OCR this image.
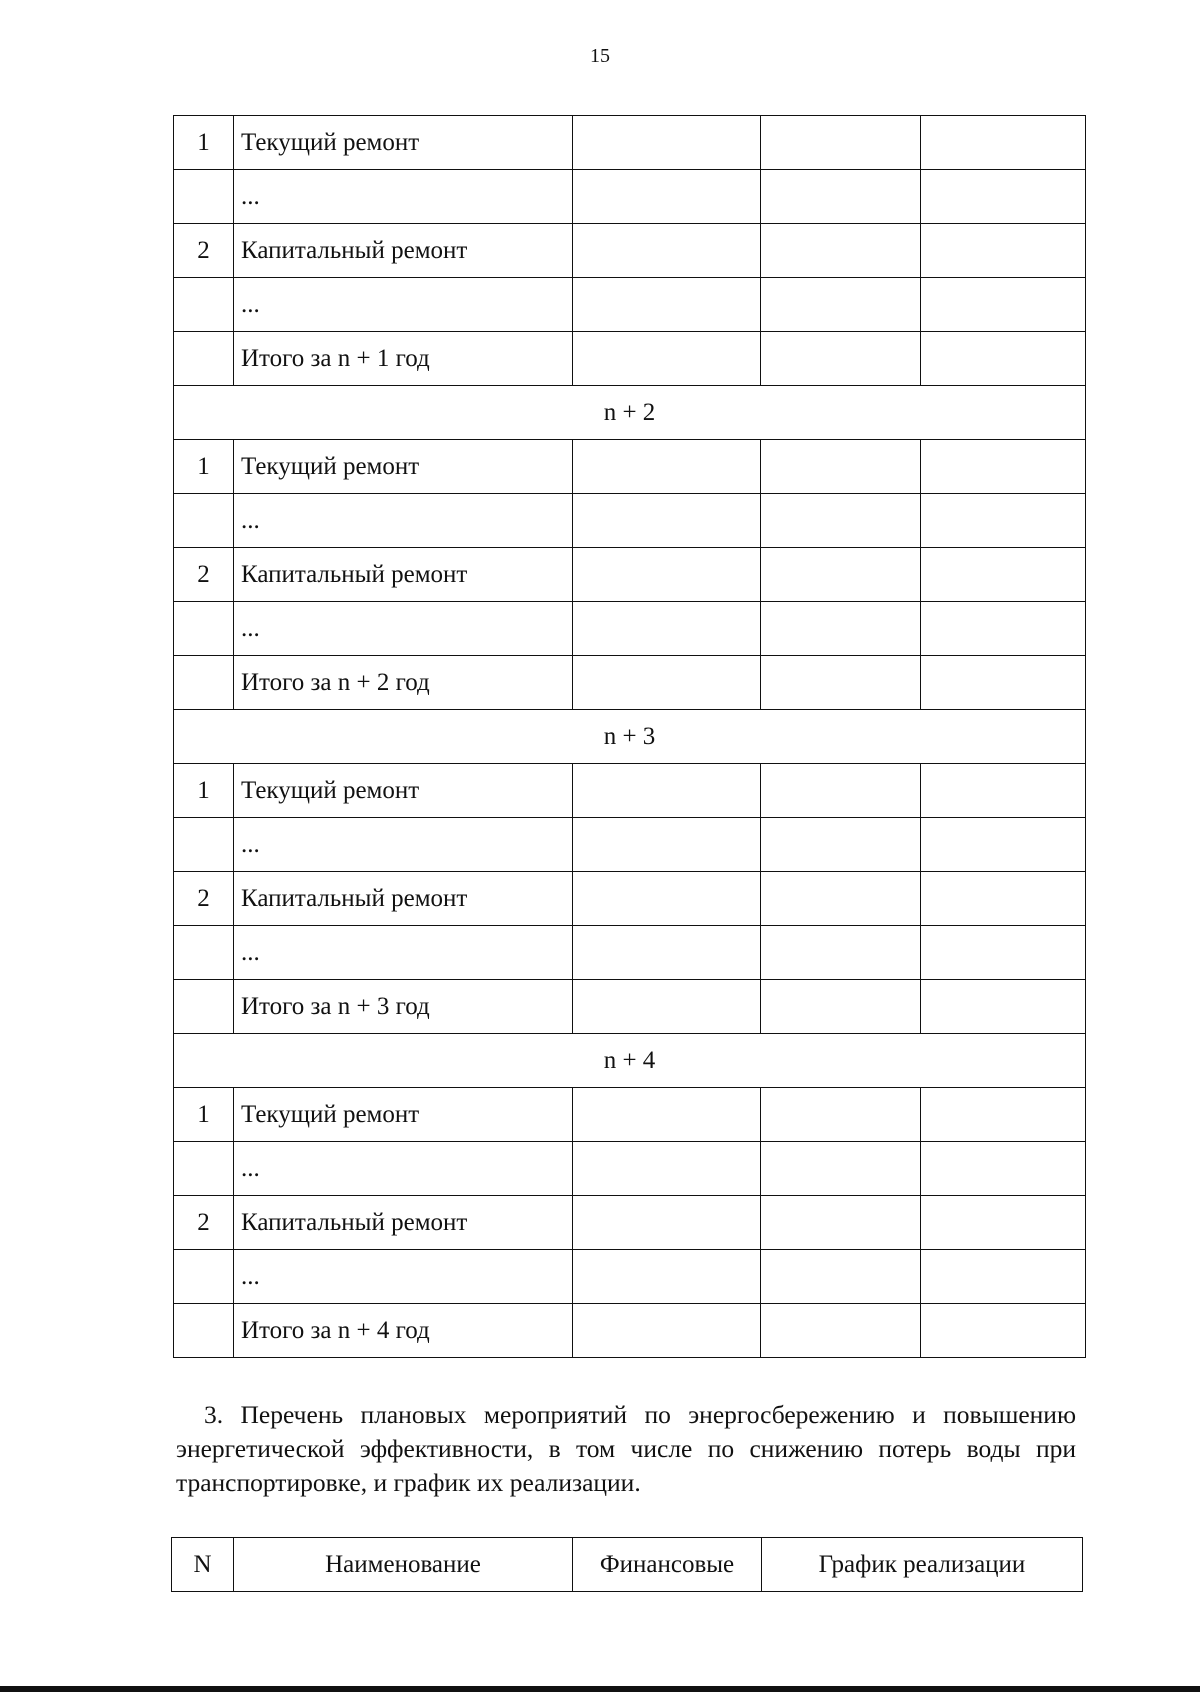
15
1	Текущий ремонт			
	...			
2	Капитальный ремонт			
	...			
	Итого за n + 1 год			
n + 2				
1	Текущий ремонт			
	...			
2	Капитальный ремонт			
	...			
	Итого за n + 2 год			
n + 3				
1	Текущий ремонт			
	...			
2	Капитальный ремонт			
	...			
	Итого за n + 3 год			
n + 4				
1	Текущий ремонт			
	...			
2	Капитальный ремонт			
	...			
	Итого за n + 4 год			

3. Перечень плановых мероприятий по энергосбережению и повышению энергетической эффективности, в том числе по снижению потерь воды при транспортировке, и график их реализации.

N	Наименование	Финансовые	График реализации
